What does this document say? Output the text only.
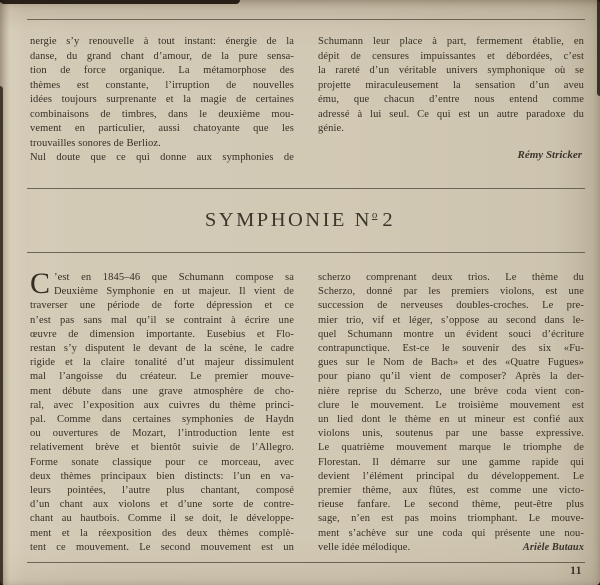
nergie s’y renouvelle à tout instant: énergie de la
danse, du grand chant d’amour, de la pure sensa-
tion de force organique. La métamorphose des
thèmes est constante, l’irruption de nouvelles
idées toujours surprenante et la magie de certaines
combinaisons de timbres, dans le deuxième mou-
vement en particulier, aussi chatoyante que les
trouvailles sonores de Berlioz.
Nul doute que ce qui donne aux symphonies de
Schumann leur place à part, fermement établie, en
dépit de censures impuissantes et débordées, c’est
la rareté d’un véritable univers symphonique où se
projette miraculeusement la sensation d’un aveu
ému, que chacun d’entre nous entend comme
adressé à lui seul. Ce qui est un autre paradoxe du
génie.
Rémy Stricker
SYMPHONIE $N^o$ 2
C ’est en 1845–46 que Schumann compose sa
Deuxième Symphonie en ut majeur. Il vient de
traverser une période de forte dépression et ce
n’est pas sans mal qu’il se contraint à écrire une
œuvre de dimension importante. Eusebius et Flo-
restan s’y disputent le devant de la scène, le cadre
rigide et la claire tonalité d’ut majeur dissimulent
mal l’angoisse du créateur. Le premier mouve-
ment débute dans une grave atmosphère de cho-
ral, avec l’exposition aux cuivres du thème princi-
pal. Comme dans certaines symphonies de Haydn
ou ouvertures de Mozart, l’introduction lente est
relativement brève et bientôt suivie de l’Allegro.
Forme sonate classique pour ce morceau, avec
deux thèmes principaux bien distincts: l’un en va-
leurs pointées, l’autre plus chantant, composé
d’un chant aux violons et d’une sorte de contre-
chant au hautbois. Comme il se doit, le développe-
ment et la réexposition des deux thèmes complè-
tent ce mouvement. Le second mouvement est un
scherzo comprenant deux trios. Le thème du
Scherzo, donné par les premiers violons, est une
succession de nerveuses doubles-croches. Le pre-
mier trio, vif et léger, s’oppose au second dans le-
quel Schumann montre un évident souci d’écriture
contrapunctique. Est-ce le souvenir des six «Fu-
gues sur le Nom de Bach» et des «Quatre Fugues»
pour piano qu’il vient de composer? Après la der-
nière reprise du Scherzo, une brève coda vient con-
clure le mouvement. Le troisième mouvement est
un lied dont le thème en ut mineur est confié aux
violons unis, soutenus par une basse expressive.
Le quatrième mouvement marque le triomphe de
Florestan. Il démarre sur une gamme rapide qui
devient l’élément principal du développement. Le
premier thème, aux flûtes, est comme une victo-
rieuse fanfare. Le second thème, peut-être plus
sage, n’en est pas moins triomphant. Le mouve-
ment s’achève sur une coda qui présente une nou-
velle idée mélodique.	Arièle Butaux
11
